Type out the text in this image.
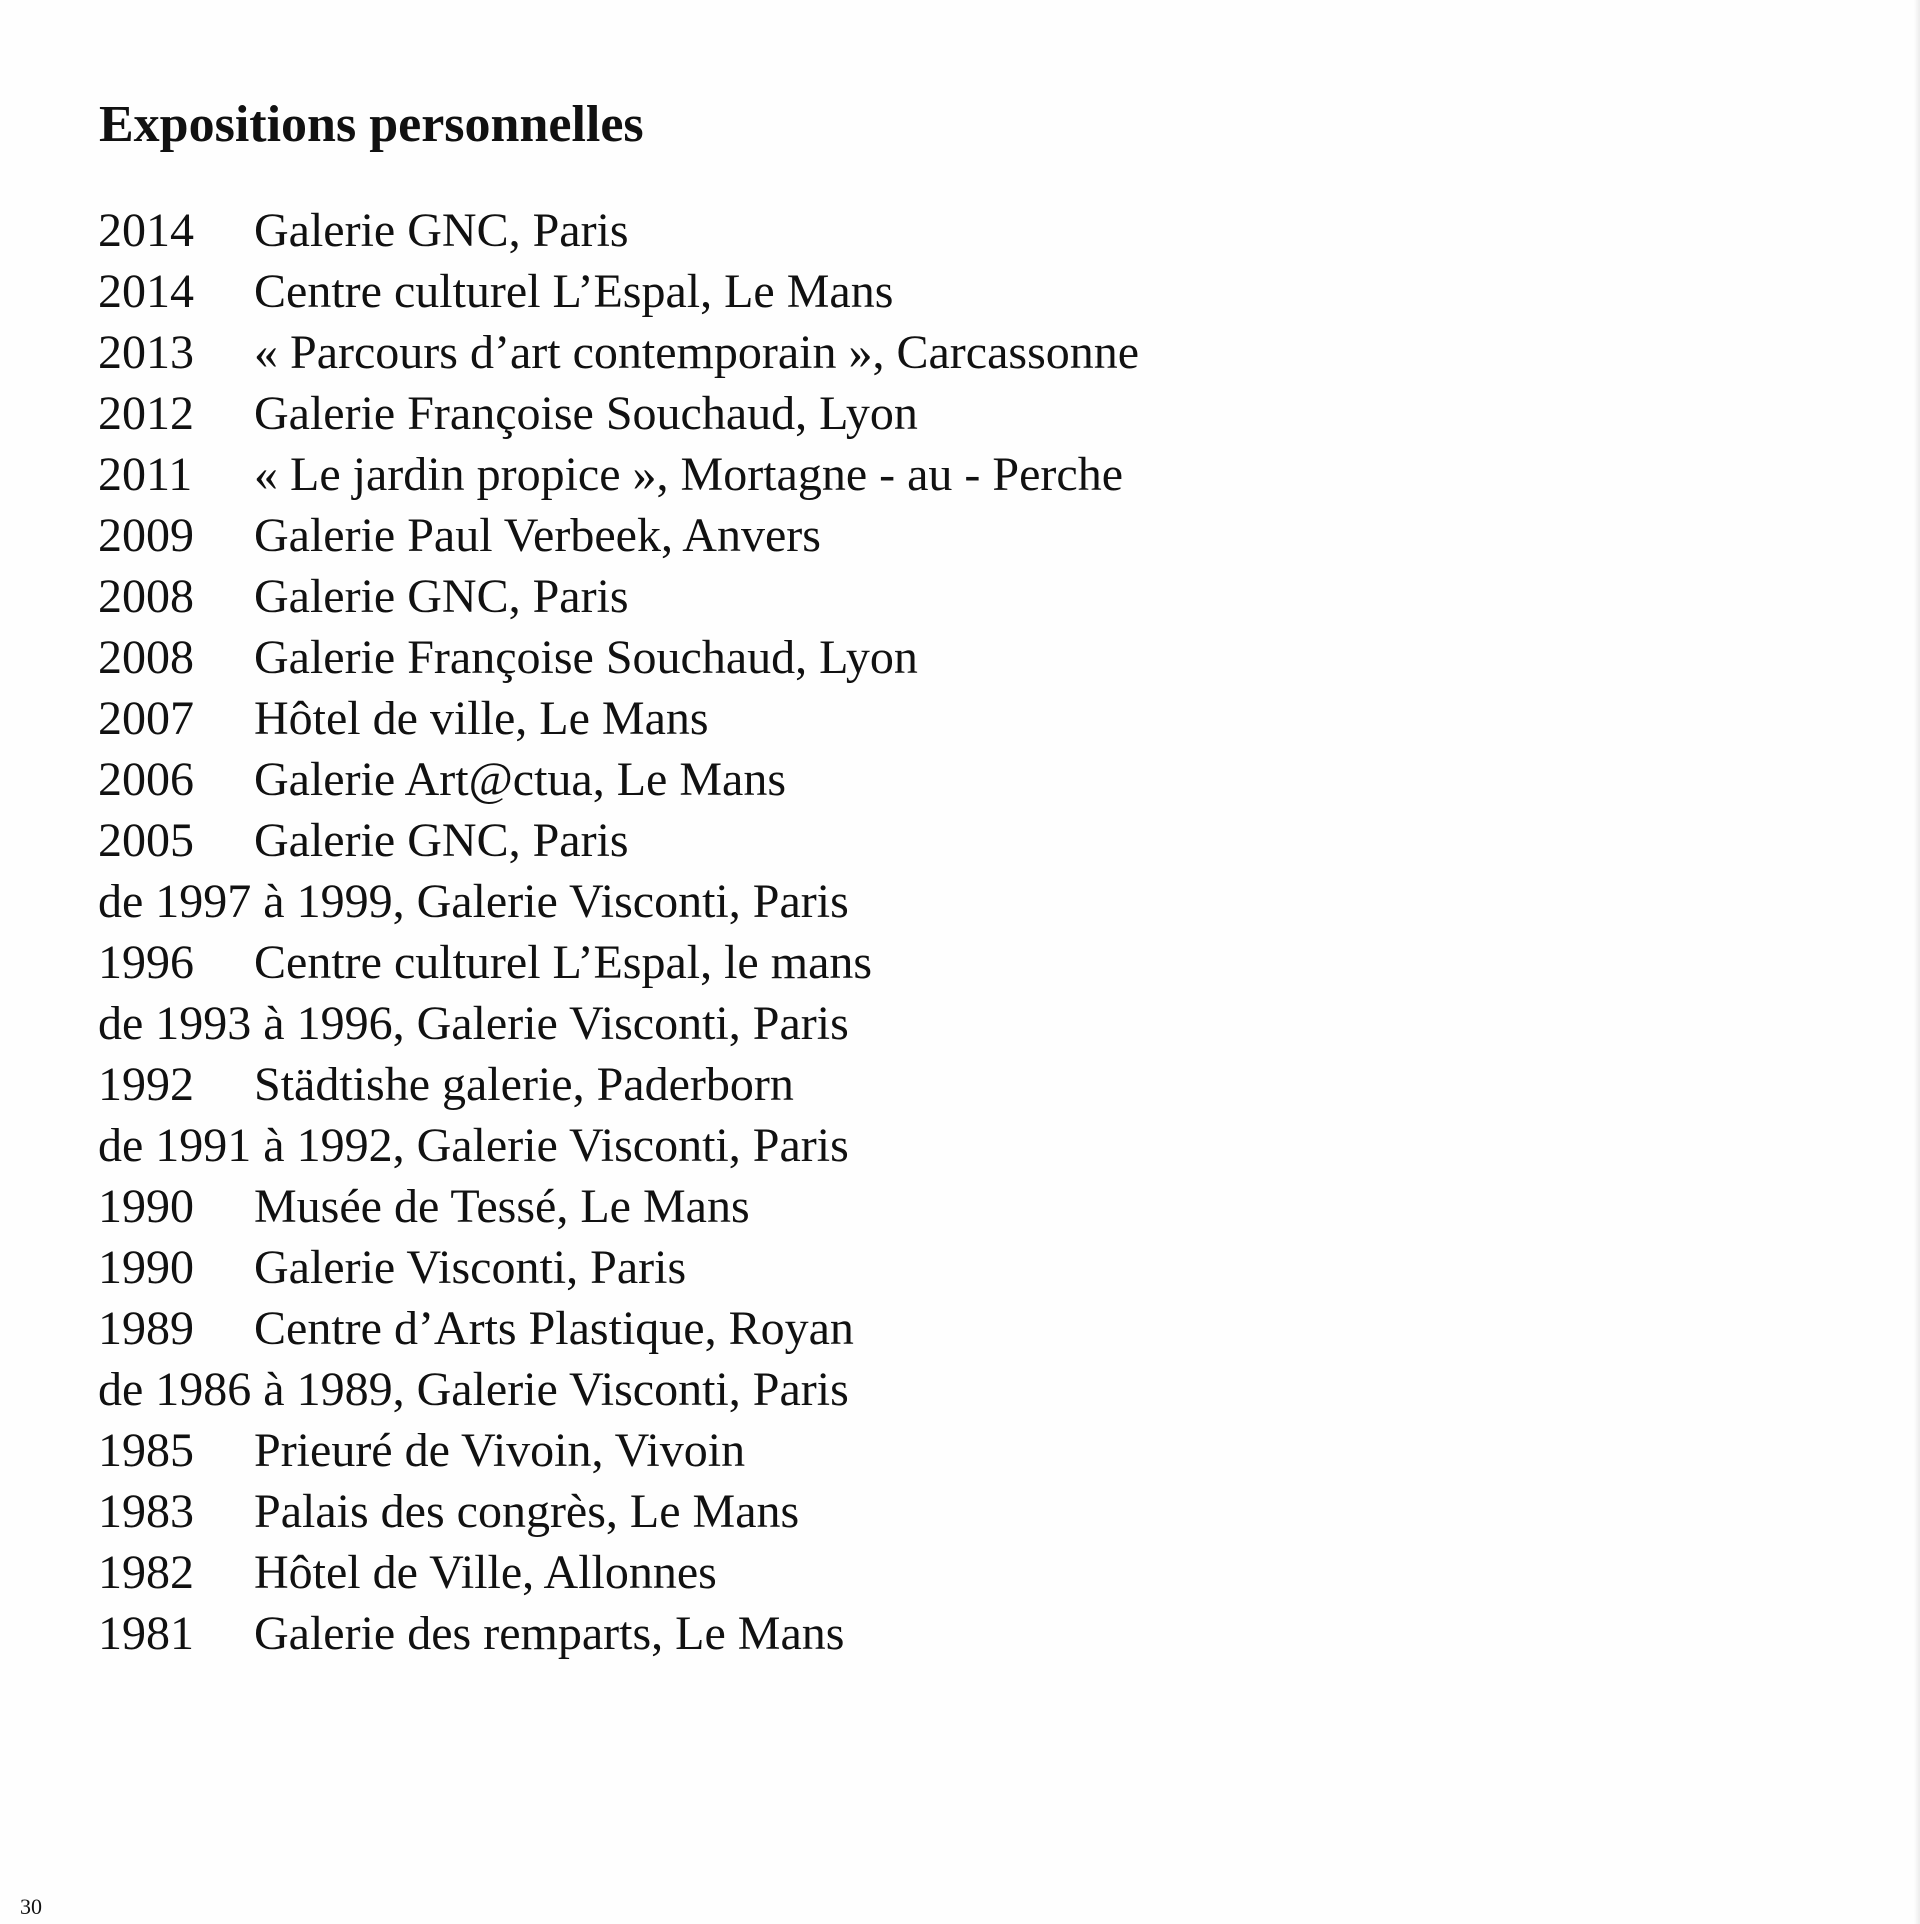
Expositions personnelles
2014 Galerie GNC, Paris
2014 Centre culturel L’Espal, Le Mans
2013 « Parcours d’art contemporain », Carcassonne
2012 Galerie Françoise Souchaud, Lyon
2011 « Le jardin propice », Mortagne - au - Perche
2009 Galerie Paul Verbeek, Anvers
2008 Galerie GNC, Paris
2008 Galerie Françoise Souchaud, Lyon
2007 Hôtel de ville, Le Mans
2006 Galerie Art@ctua, Le Mans
2005 Galerie GNC, Paris
de 1997 à 1999, Galerie Visconti, Paris
1996 Centre culturel L’Espal, le mans
de 1993 à 1996, Galerie Visconti, Paris
1992 Städtishe galerie, Paderborn
de 1991 à 1992, Galerie Visconti, Paris
1990 Musée de Tessé, Le Mans
1990 Galerie Visconti, Paris
1989 Centre d’Arts Plastique, Royan
de 1986 à 1989, Galerie Visconti, Paris
1985 Prieuré de Vivoin, Vivoin
1983 Palais des congrès, Le Mans
1982 Hôtel de Ville, Allonnes
1981 Galerie des remparts, Le Mans
30
